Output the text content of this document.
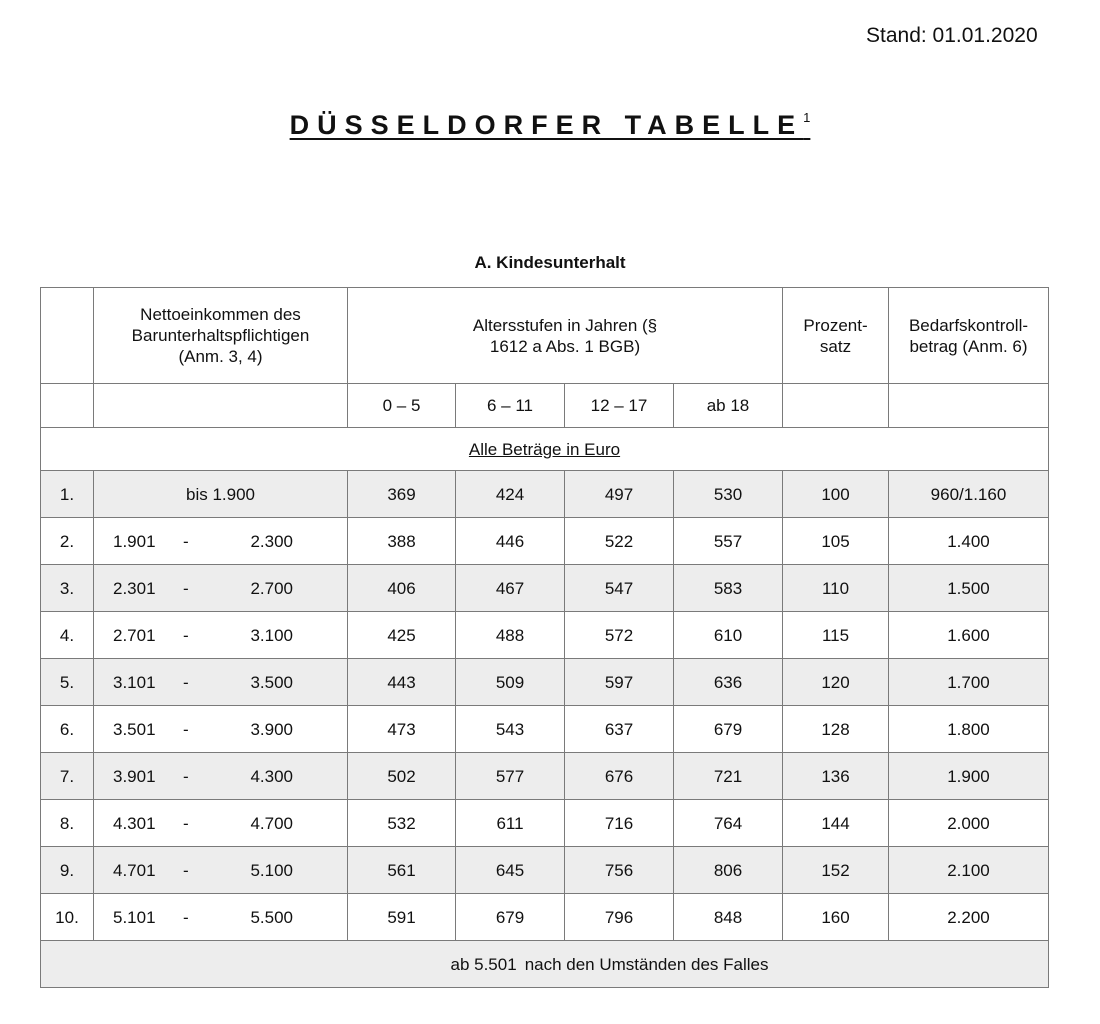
Stand: 01.01.2020
DÜSSELDORFER TABELLE$^1$
A. Kindesunterhalt

	Nettoeinkommen des Barunterhaltspflichtigen (Anm. 3, 4)	Altersstufen in Jahren (§ 1612 a Abs. 1 BGB)				Prozent- satz	Bedarfskontroll- betrag (Anm. 6)

		0 – 5	6 – 11	12 – 17	ab 18		
Alle Beträge in Euro							
1.	bis 1.900	369	424	497	530	100	960/1.160
2.	1.901 - 2.300	388	446	522	557	105	1.400
3.	2.301 - 2.700	406	467	547	583	110	1.500
4.	2.701 - 3.100	425	488	572	610	115	1.600
5.	3.101 - 3.500	443	509	597	636	120	1.700
6.	3.501 - 3.900	473	543	637	679	128	1.800
7.	3.901 - 4.300	502	577	676	721	136	1.900
8.	4.301 - 4.700	532	611	716	764	144	2.000
9.	4.701 - 5.100	561	645	756	806	152	2.100
10.	5.101 - 5.500	591	679	796	848	160	2.200
ab 5.501 nach den Umständen des Falles							
